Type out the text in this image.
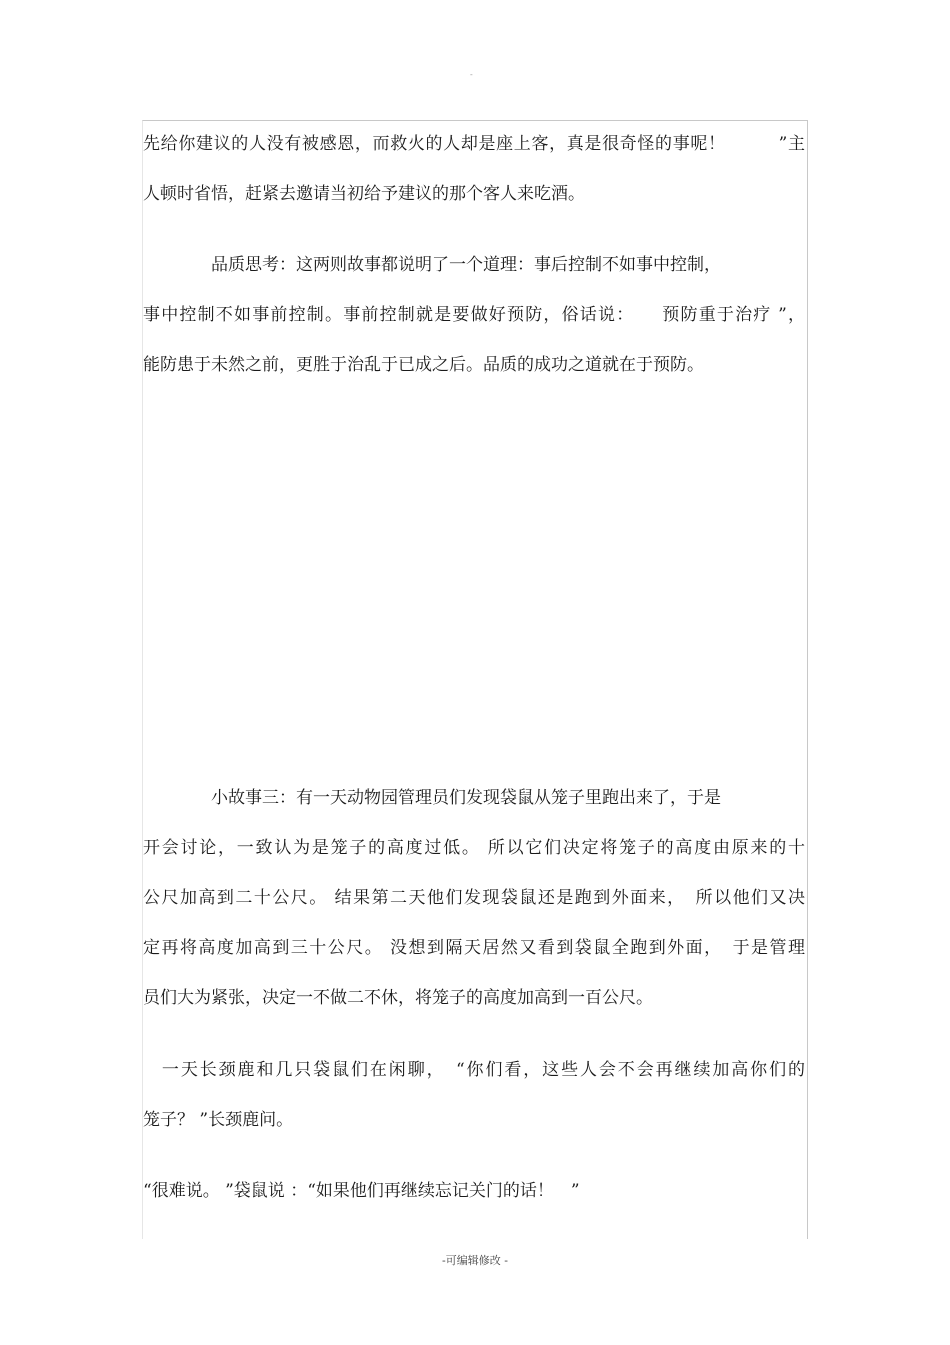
-
先给你建议的人没有被感恩，而救火的人却是座上客，真是很奇怪的事呢！　　　”主
人顿时省悟，赶紧去邀请当初给予建议的那个客人来吃酒。
　　　　品质思考：这两则故事都说明了一个道理：事后控制不如事中控制，
事中控制不如事前控制。事前控制就是要做好预防，俗话说：　　预防重于治疗 ”，
能防患于未然之前，更胜于治乱于已成之后。品质的成功之道就在于预防。
　　　　小故事三：有一天动物园管理员们发现袋鼠从笼子里跑出来了，于是
开会讨论，一致认为是笼子的高度过低。 所以它们决定将笼子的高度由原来的十
公尺加高到二十公尺。 结果第二天他们发现袋鼠还是跑到外面来，　所以他们又决
定再将高度加高到三十公尺。 没想到隔天居然又看到袋鼠全跑到外面，　于是管理
员们大为紧张，决定一不做二不休，将笼子的高度加高到一百公尺。
　一天长颈鹿和几只袋鼠们在闲聊，　“你们看，这些人会不会再继续加高你们的
笼子？ ”长颈鹿问。
“很难说。 ”袋鼠说 ：“如果他们再继续忘记关门的话！　”
-可编辑修改 -
